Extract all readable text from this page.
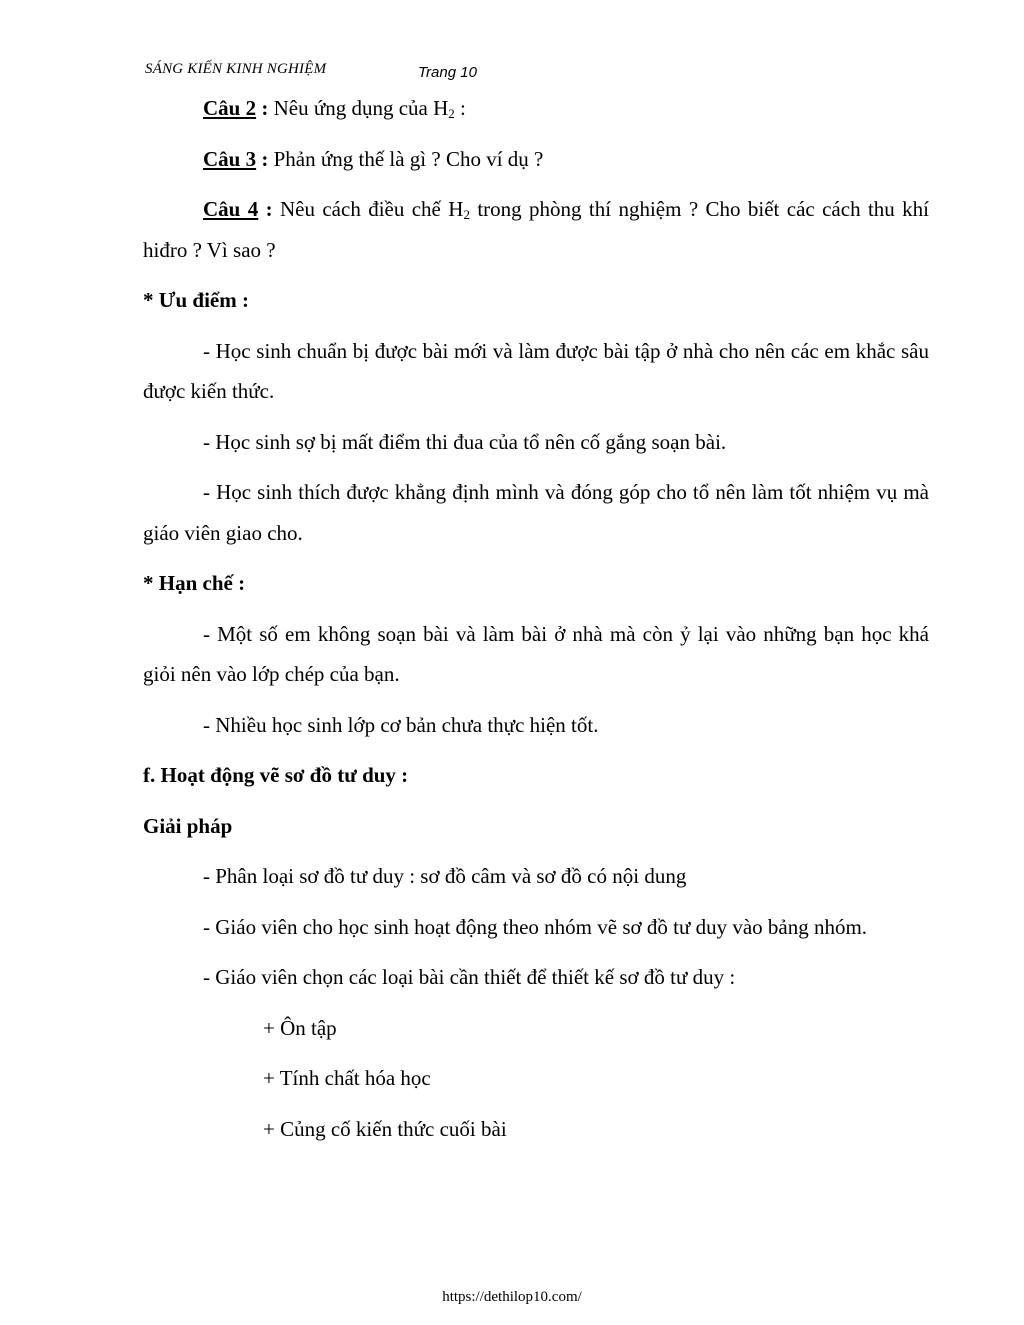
SÁNG KIẾN KINH NGHIỆM	Trang 10

Câu 2 : Nêu ứng dụng của $H_2$ :

Câu 3 : Phản ứng thế là gì ? Cho ví dụ ?

Câu 4 : Nêu cách điều chế $H_2$ trong phòng thí nghiệm ? Cho biết các cách thu khí hiđro ? Vì sao ?

* Ưu điểm :

- Học sinh chuẩn bị được bài mới và làm được bài tập ở nhà cho nên các em khắc sâu được kiến thức.

- Học sinh sợ bị mất điểm thi đua của tổ nên cố gắng soạn bài.

- Học sinh thích được khẳng định mình và đóng góp cho tổ nên làm tốt nhiệm vụ mà giáo viên giao cho.

* Hạn chế :

- Một số em không soạn bài và làm bài ở nhà mà còn ỷ lại vào những bạn học khá giỏi nên vào lớp chép của bạn.

- Nhiều học sinh lớp cơ bản chưa thực hiện tốt.

f. Hoạt động vẽ sơ đồ tư duy :

Giải pháp

- Phân loại sơ đồ tư duy : sơ đồ câm và sơ đồ có nội dung

- Giáo viên cho học sinh hoạt động theo nhóm vẽ sơ đồ tư duy vào bảng nhóm.

- Giáo viên chọn các loại bài cần thiết để thiết kế sơ đồ tư duy :

+ Ôn tập

+ Tính chất hóa học

+ Củng cố kiến thức cuối bài

https://dethilop10.com/
